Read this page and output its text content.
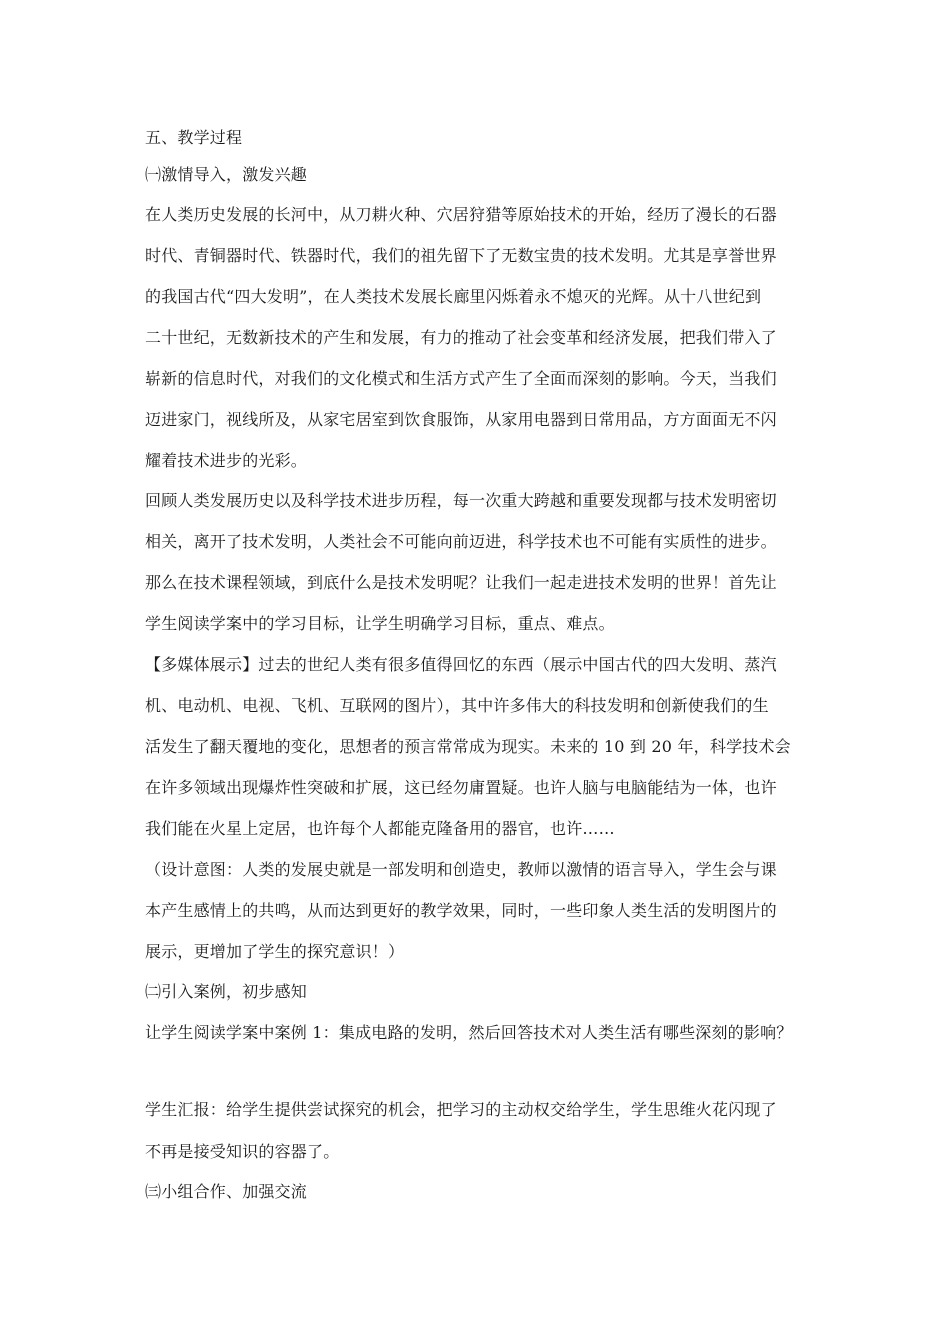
五、教学过程
㈠激情导入，激发兴趣
在人类历史发展的长河中，从刀耕火种、穴居狩猎等原始技术的开始，经历了漫长的石器
时代、青铜器时代、铁器时代，我们的祖先留下了无数宝贵的技术发明。尤其是享誉世界
的我国古代“四大发明”，在人类技术发展长廊里闪烁着永不熄灭的光辉。从十八世纪到
二十世纪，无数新技术的产生和发展，有力的推动了社会变革和经济发展，把我们带入了
崭新的信息时代，对我们的文化模式和生活方式产生了全面而深刻的影响。今天，当我们
迈进家门，视线所及，从家宅居室到饮食服饰，从家用电器到日常用品，方方面面无不闪
耀着技术进步的光彩。
回顾人类发展历史以及科学技术进步历程，每一次重大跨越和重要发现都与技术发明密切
相关，离开了技术发明，人类社会不可能向前迈进，科学技术也不可能有实质性的进步。
那么在技术课程领域，到底什么是技术发明呢？让我们一起走进技术发明的世界！首先让
学生阅读学案中的学习目标，让学生明确学习目标，重点、难点。
【多媒体展示】过去的世纪人类有很多值得回忆的东西（展示中国古代的四大发明、蒸汽
机、电动机、电视、飞机、互联网的图片），其中许多伟大的科技发明和创新使我们的生
活发生了翻天覆地的变化，思想者的预言常常成为现实。未来的 10 到 20 年，科学技术会
在许多领域出现爆炸性突破和扩展，这已经勿庸置疑。也许人脑与电脑能结为一体，也许
我们能在火星上定居，也许每个人都能克隆备用的器官，也许……
（设计意图：人类的发展史就是一部发明和创造史，教师以激情的语言导入，学生会与课
本产生感情上的共鸣，从而达到更好的教学效果，同时，一些印象人类生活的发明图片的
展示，更增加了学生的探究意识！）
㈡引入案例，初步感知
让学生阅读学案中案例 1：集成电路的发明，然后回答技术对人类生活有哪些深刻的影响？
学生汇报：给学生提供尝试探究的机会，把学习的主动权交给学生，学生思维火花闪现了
不再是接受知识的容器了。
㈢小组合作、加强交流
